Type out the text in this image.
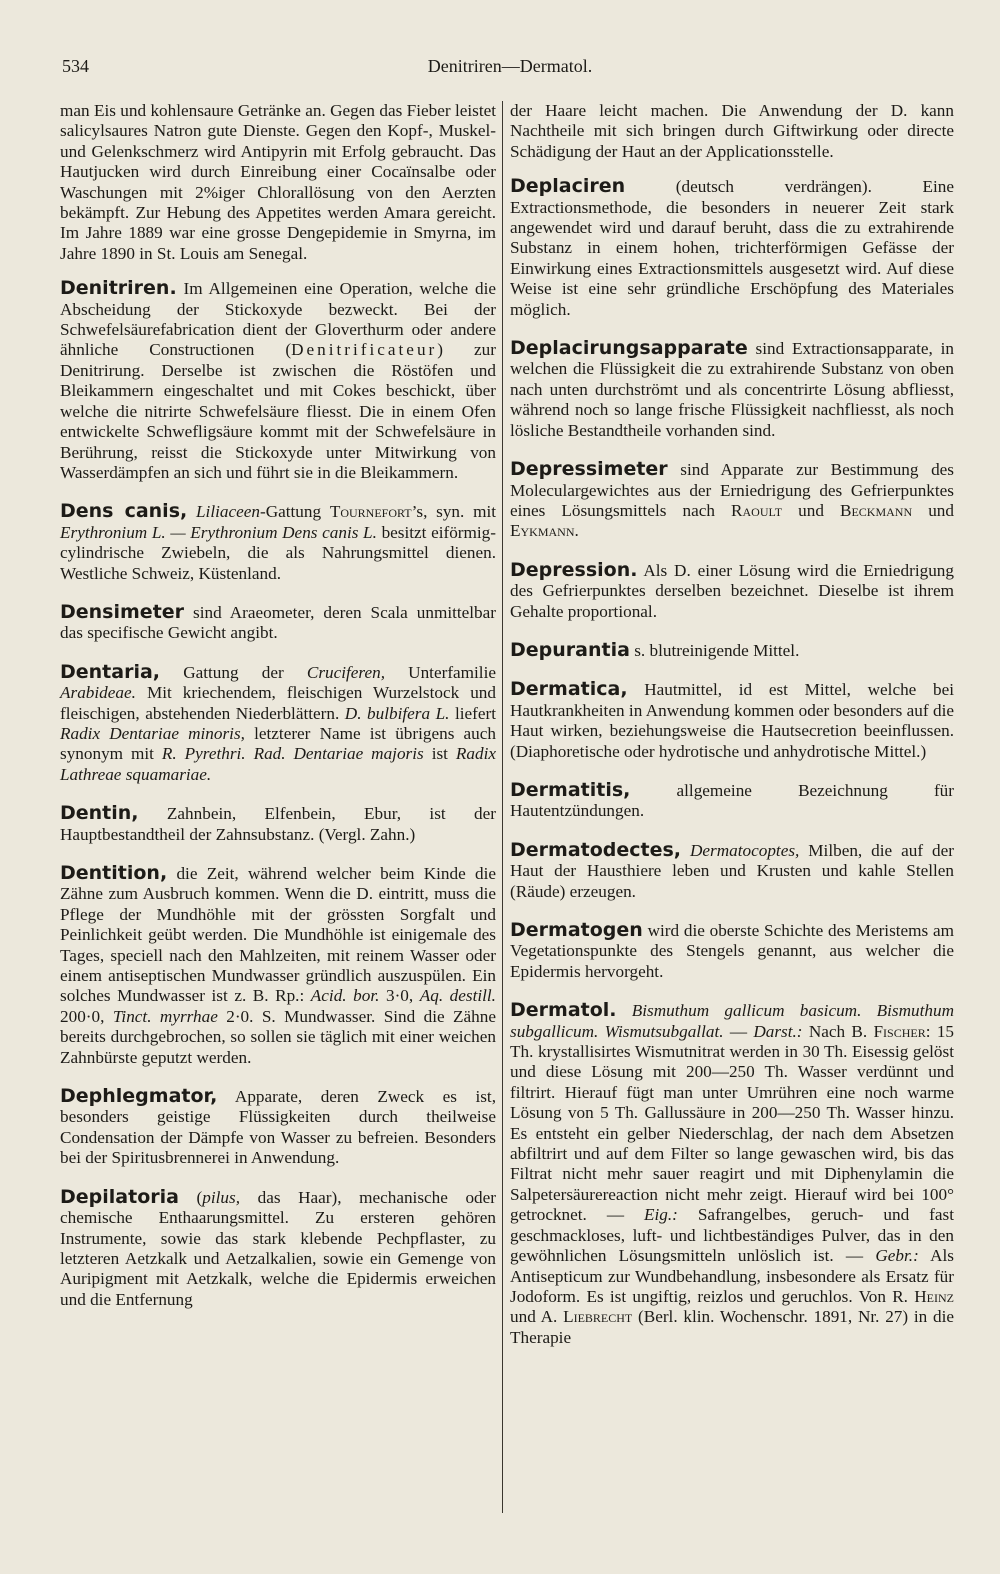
534	Denitriren—Dermatol.

man Eis und kohlensaure Getränke an. Gegen das Fieber leistet salicylsaures Natron gute Dienste. Gegen den Kopf-, Muskel- und Gelenkschmerz wird Antipyrin mit Erfolg gebraucht. Das Hautjucken wird durch Einreibung einer Cocaïnsalbe oder Waschungen mit 2%iger Chlorallösung von den Aerzten bekämpft. Zur Hebung des Appetites werden Amara gereicht. Im Jahre 1889 war eine grosse Dengepidemie in Smyrna, im Jahre 1890 in St. Louis am Senegal.

Denitriren. Im Allgemeinen eine Operation, welche die Abscheidung der Stickoxyde bezweckt. Bei der Schwefelsäurefabrication dient der Gloverthurm oder andere ähnliche Constructionen (Denitrificateur) zur Denitrirung. Derselbe ist zwischen die Röstöfen und Bleikammern eingeschaltet und mit Cokes beschickt, über welche die nitrirte Schwefelsäure fliesst. Die in einem Ofen entwickelte Schwefligsäure kommt mit der Schwefelsäure in Berührung, reisst die Stickoxyde unter Mitwirkung von Wasserdämpfen an sich und führt sie in die Bleikammern.

Dens canis, Liliaceen-Gattung Tournefort’s, syn. mit Erythronium L. — Erythronium Dens canis L. besitzt eiförmig-cylindrische Zwiebeln, die als Nahrungsmittel dienen. Westliche Schweiz, Küstenland.

Densimeter sind Araeometer, deren Scala unmittelbar das specifische Gewicht angibt.

Dentaria, Gattung der Cruciferen, Unterfamilie Arabideae. Mit kriechendem, fleischigen Wurzelstock und fleischigen, abstehenden Niederblättern. D. bulbifera L. liefert Radix Dentariae minoris, letzterer Name ist übrigens auch synonym mit R. Pyrethri. Rad. Dentariae majoris ist Radix Lathreae squamariae.

Dentin, Zahnbein, Elfenbein, Ebur, ist der Hauptbestandtheil der Zahnsubstanz. (Vergl. Zahn.)

Dentition, die Zeit, während welcher beim Kinde die Zähne zum Ausbruch kommen. Wenn die D. eintritt, muss die Pflege der Mundhöhle mit der grössten Sorgfalt und Peinlichkeit geübt werden. Die Mundhöhle ist einigemale des Tages, speciell nach den Mahlzeiten, mit reinem Wasser oder einem antiseptischen Mundwasser gründlich auszuspülen. Ein solches Mundwasser ist z. B. Rp.: Acid. bor. 3·0, Aq. destill. 200·0, Tinct. myrrhae 2·0. S. Mundwasser. Sind die Zähne bereits durchgebrochen, so sollen sie täglich mit einer weichen Zahnbürste geputzt werden.

Dephlegmator, Apparate, deren Zweck es ist, besonders geistige Flüssigkeiten durch theilweise Condensation der Dämpfe von Wasser zu befreien. Besonders bei der Spiritusbrennerei in Anwendung.

Depilatoria (pilus, das Haar), mechanische oder chemische Enthaarungsmittel. Zu ersteren gehören Instrumente, sowie das stark klebende Pechpflaster, zu letzteren Aetzkalk und Aetzalkalien, sowie ein Gemenge von Auripigment mit Aetzkalk, welche die Epidermis erweichen und die Entfernung

der Haare leicht machen. Die Anwendung der D. kann Nachtheile mit sich bringen durch Giftwirkung oder directe Schädigung der Haut an der Applicationsstelle.

Deplaciren (deutsch verdrängen). Eine Extractionsmethode, die besonders in neuerer Zeit stark angewendet wird und darauf beruht, dass die zu extrahirende Substanz in einem hohen, trichterförmigen Gefässe der Einwirkung eines Extractionsmittels ausgesetzt wird. Auf diese Weise ist eine sehr gründliche Erschöpfung des Materiales möglich.

Deplacirungsapparate sind Extractionsapparate, in welchen die Flüssigkeit die zu extrahirende Substanz von oben nach unten durchströmt und als concentrirte Lösung abfliesst, während noch so lange frische Flüssigkeit nachfliesst, als noch lösliche Bestandtheile vorhanden sind.

Depressimeter sind Apparate zur Bestimmung des Moleculargewichtes aus der Erniedrigung des Gefrierpunktes eines Lösungsmittels nach Raoult und Beckmann und Eykmann.

Depression. Als D. einer Lösung wird die Erniedrigung des Gefrierpunktes derselben bezeichnet. Dieselbe ist ihrem Gehalte proportional.

Depurantia s. blutreinigende Mittel.

Dermatica, Hautmittel, id est Mittel, welche bei Hautkrankheiten in Anwendung kommen oder besonders auf die Haut wirken, beziehungsweise die Hautsecretion beeinflussen. (Diaphoretische oder hydrotische und anhydrotische Mittel.)

Dermatitis, allgemeine Bezeichnung für Hautentzündungen.

Dermatodectes, Dermatocoptes, Milben, die auf der Haut der Hausthiere leben und Krusten und kahle Stellen (Räude) erzeugen.

Dermatogen wird die oberste Schichte des Meristems am Vegetationspunkte des Stengels genannt, aus welcher die Epidermis hervorgeht.

Dermatol. Bismuthum gallicum basicum. Bismuthum subgallicum. Wismutsubgallat. — Darst.: Nach B. Fischer: 15 Th. krystallisirtes Wismutnitrat werden in 30 Th. Eisessig gelöst und diese Lösung mit 200—250 Th. Wasser verdünnt und filtrirt. Hierauf fügt man unter Umrühren eine noch warme Lösung von 5 Th. Gallussäure in 200—250 Th. Wasser hinzu. Es entsteht ein gelber Niederschlag, der nach dem Absetzen abfiltrirt und auf dem Filter so lange gewaschen wird, bis das Filtrat nicht mehr sauer reagirt und mit Diphenylamin die Salpetersäurereaction nicht mehr zeigt. Hierauf wird bei 100° getrocknet. — Eig.: Safrangelbes, geruch- und fast geschmackloses, luft- und lichtbeständiges Pulver, das in den gewöhnlichen Lösungsmitteln unlöslich ist. — Gebr.: Als Antisepticum zur Wundbehandlung, insbesondere als Ersatz für Jodoform. Es ist ungiftig, reizlos und geruchlos. Von R. Heinz und A. Liebrecht (Berl. klin. Wochenschr. 1891, Nr. 27) in die Therapie
